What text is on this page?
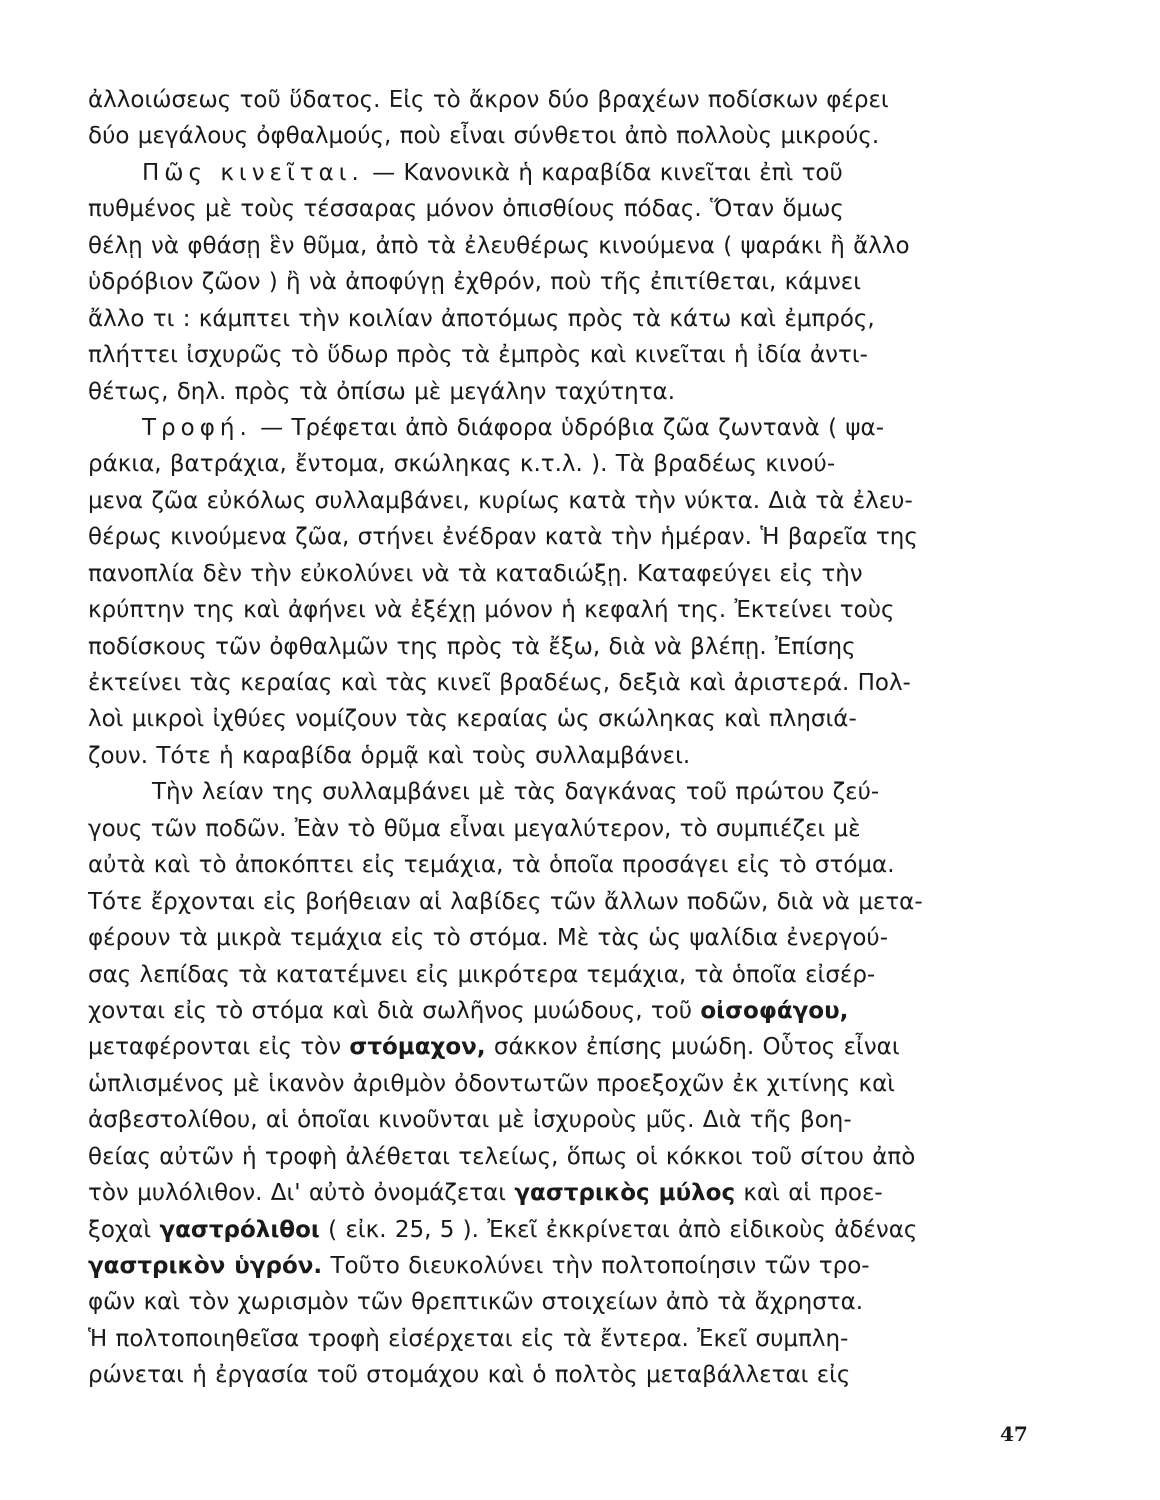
ἀλλοιώσεως τοῦ ὕδατος. Εἰς τὸ ἄκρον δύο βραχέων ποδίσκων φέρει
δύο μεγάλους ὀφθαλμούς, ποὺ εἶναι σύνθετοι ἀπὸ πολλοὺς μικρούς.
Πῶς κινεῖται. — Κανονικὰ ἡ καραβίδα κινεῖται ἐπὶ τοῦ
πυθμένος μὲ τοὺς τέσσαρας μόνον ὀπισθίους πόδας. Ὅταν ὅμως
θέλῃ νὰ φθάσῃ ἓν θῦμα, ἀπὸ τὰ ἐλευθέρως κινούμενα ( ψαράκι ἢ ἄλλο
ὑδρόβιον ζῶον ) ἢ νὰ ἀποφύγῃ ἐχθρόν, ποὺ τῆς ἐπιτίθεται, κάμνει
ἄλλο τι : κάμπτει τὴν κοιλίαν ἀποτόμως πρὸς τὰ κάτω καὶ ἐμπρός,
πλήττει ἰσχυρῶς τὸ ὕδωρ πρὸς τὰ ἐμπρὸς καὶ κινεῖται ἡ ἰδία ἀντι-
θέτως, δηλ. πρὸς τὰ ὀπίσω μὲ μεγάλην ταχύτητα.
Τροφή. — Τρέφεται ἀπὸ διάφορα ὑδρόβια ζῶα ζωντανὰ ( ψα-
ράκια, βατράχια, ἔντομα, σκώληκας κ.τ.λ. ). Τὰ βραδέως κινού-
μενα ζῶα εὐκόλως συλλαμβάνει, κυρίως κατὰ τὴν νύκτα. Διὰ τὰ ἐλευ-
θέρως κινούμενα ζῶα, στήνει ἐνέδραν κατὰ τὴν ἡμέραν. Ἡ βαρεῖα της
πανοπλία δὲν τὴν εὐκολύνει νὰ τὰ καταδιώξῃ. Καταφεύγει εἰς τὴν
κρύπτην της καὶ ἀφήνει νὰ ἐξέχῃ μόνον ἡ κεφαλή της. Ἐκτείνει τοὺς
ποδίσκους τῶν ὀφθαλμῶν της πρὸς τὰ ἔξω, διὰ νὰ βλέπῃ. Ἐπίσης
ἐκτείνει τὰς κεραίας καὶ τὰς κινεῖ βραδέως, δεξιὰ καὶ ἀριστερά. Πολ-
λοὶ μικροὶ ἰχθύες νομίζουν τὰς κεραίας ὡς σκώληκας καὶ πλησιά-
ζουν. Τότε ἡ καραβίδα ὁρμᾷ καὶ τοὺς συλλαμβάνει.
Τὴν λείαν της συλλαμβάνει μὲ τὰς δαγκάνας τοῦ πρώτου ζεύ-
γους τῶν ποδῶν. Ἐὰν τὸ θῦμα εἶναι μεγαλύτερον, τὸ συμπιέζει μὲ
αὐτὰ καὶ τὸ ἀποκόπτει εἰς τεμάχια, τὰ ὁποῖα προσάγει εἰς τὸ στόμα.
Τότε ἔρχονται εἰς βοήθειαν αἱ λαβίδες τῶν ἄλλων ποδῶν, διὰ νὰ μετα-
φέρουν τὰ μικρὰ τεμάχια εἰς τὸ στόμα. Μὲ τὰς ὡς ψαλίδια ἐνεργού-
σας λεπίδας τὰ κατατέμνει εἰς μικρότερα τεμάχια, τὰ ὁποῖα εἰσέρ-
χονται εἰς τὸ στόμα καὶ διὰ σωλῆνος μυώδους, τοῦ οἰσοφάγου,
μεταφέρονται εἰς τὸν στόμαχον, σάκκον ἐπίσης μυώδη. Οὗτος εἶναι
ὡπλισμένος μὲ ἱκανὸν ἀριθμὸν ὀδοντωτῶν προεξοχῶν ἐκ χιτίνης καὶ
ἀσβεστολίθου, αἱ ὁποῖαι κινοῦνται μὲ ἰσχυροὺς μῦς. Διὰ τῆς βοη-
θείας αὐτῶν ἡ τροφὴ ἀλέθεται τελείως, ὅπως οἱ κόκκοι τοῦ σίτου ἀπὸ
τὸν μυλόλιθον. Δι' αὐτὸ ὀνομάζεται γαστρικὸς μύλος καὶ αἱ προε-
ξοχαὶ γαστρόλιθοι ( εἰκ. 25, 5 ). Ἐκεῖ ἐκκρίνεται ἀπὸ εἰδικοὺς ἀδένας
γαστρικὸν ὑγρόν. Τοῦτο διευκολύνει τὴν πολτοποίησιν τῶν τρο-
φῶν καὶ τὸν χωρισμὸν τῶν θρεπτικῶν στοιχείων ἀπὸ τὰ ἄχρηστα.
Ἡ πολτοποιηθεῖσα τροφὴ εἰσέρχεται εἰς τὰ ἔντερα. Ἐκεῖ συμπλη-
ρώνεται ἡ ἐργασία τοῦ στομάχου καὶ ὁ πολτὸς μεταβάλλεται εἰς
47
